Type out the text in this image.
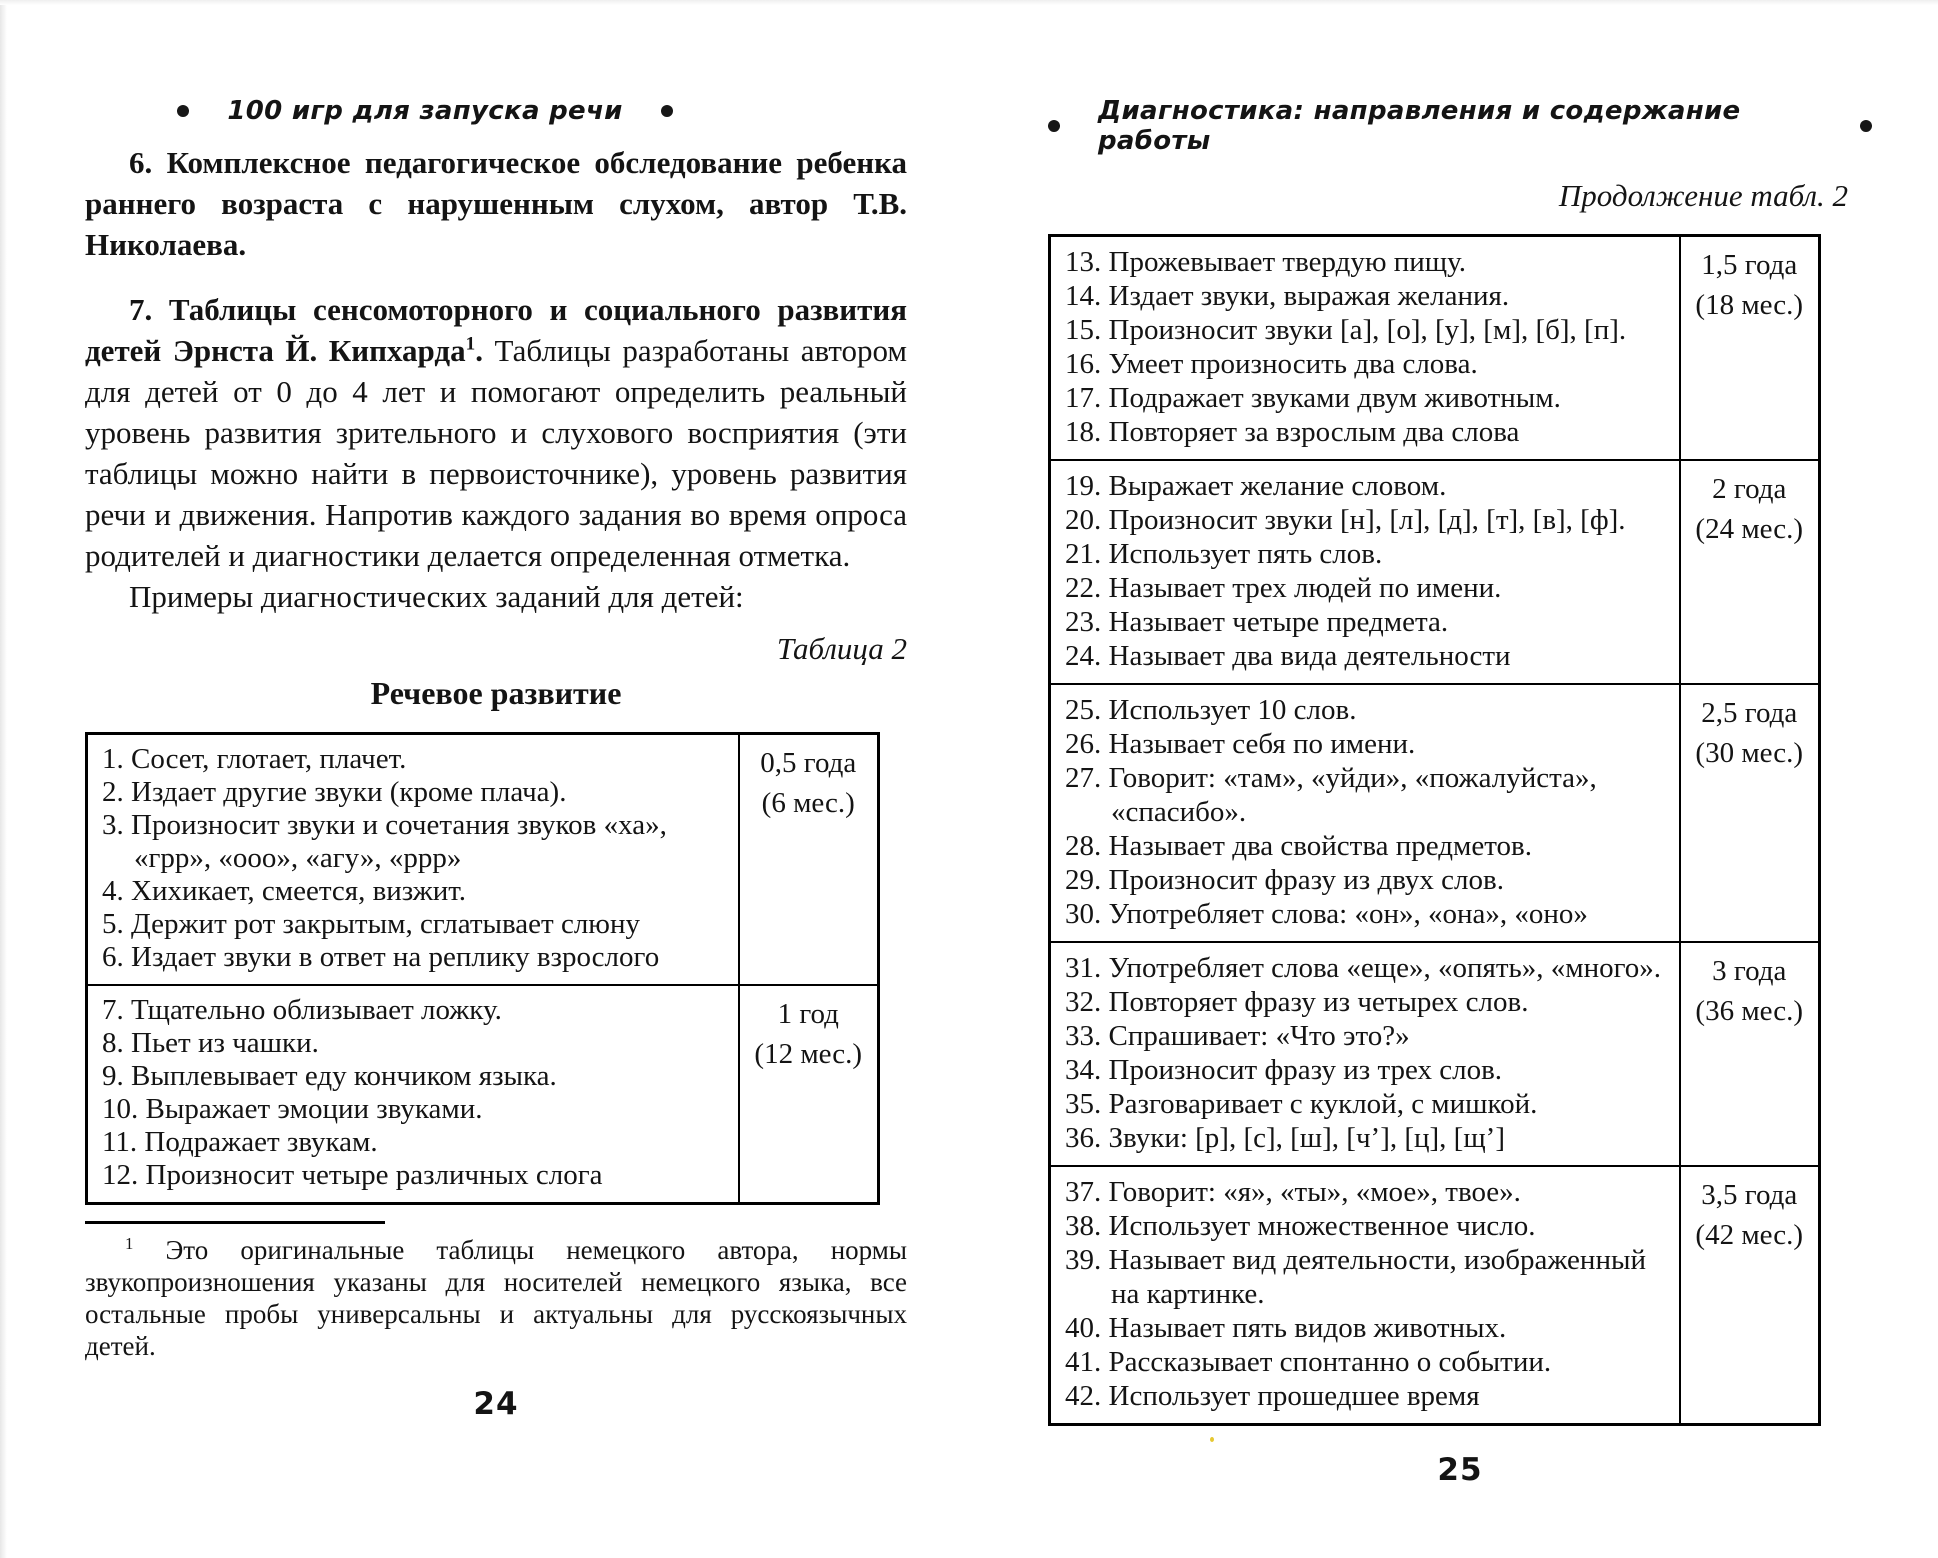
100 игр для запуска речи

6. Комплексное педагогическое обследование ребенка раннего возраста с нарушенным слухом, автор Т.В. Николаева.

7. Таблицы сенсомоторного и социального развития детей Эрнста Й. Кипхарда$^1$. Таблицы разработаны автором для детей от 0 до 4 лет и помогают определить реальный уровень развития зрительного и слухового восприятия (эти таблицы можно найти в первоисточнике), уровень развития речи и движения. Напротив каждого задания во время опроса родителей и диагностики делается определенная отметка.

Примеры диагностических заданий для детей:

Таблица 2
Речевое развитие
1. Сосет, глотает, плачет.
2. Издает другие звуки (кроме плача).
3. Произносит звуки и сочетания звуков «ха», «грр», «ооо», «агу», «ррр»
4. Хихикает, смеется, визжит.
5. Держит рот закрытым, сглатывает слюну
6. Издает звуки в ответ на реплику взрослого

0,5 года
(6 мес.)

7. Тщательно облизывает ложку.
8. Пьет из чашки.
9. Выплевывает еду кончиком языка.
10. Выражает эмоции звуками.
11. Подражает звукам.
12. Произносит четыре различных слога

1 год
(12 мес.)

$^1$ Это оригинальные таблицы немецкого автора, нормы звукопроизношения указаны для носителей немецкого языка, все остальные пробы универсальны и актуальны для русскоязычных детей.

24
Диагностика: направления и содержание работы
Продолжение табл. 2
13. Прожевывает твердую пищу.
14. Издает звуки, выражая желания.
15. Произносит звуки [а], [о], [у], [м], [б], [п].
16. Умеет произносить два слова.
17. Подражает звуками двум животным.
18. Повторяет за взрослым два слова

1,5 года
(18 мес.)

19. Выражает желание словом.
20. Произносит звуки [н], [л], [д], [т], [в], [ф].
21. Использует пять слов.
22. Называет трех людей по имени.
23. Называет четыре предмета.
24. Называет два вида деятельности

2 года
(24 мес.)

25. Использует 10 слов.
26. Называет себя по имени.
27. Говорит: «там», «уйди», «пожалуйста», «спасибо».
28. Называет два свойства предметов.
29. Произносит фразу из двух слов.
30. Употребляет слова: «он», «она», «оно»

2,5 года
(30 мес.)

31. Употребляет слова «еще», «опять», «много».
32. Повторяет фразу из четырех слов.
33. Спрашивает: «Что это?»
34. Произносит фразу из трех слов.
35. Разговаривает с куклой, с мишкой.
36. Звуки: [р], [с], [ш], [ч’], [ц], [щ’]

3 года
(36 мес.)

37. Говорит: «я», «ты», «мое», твое».
38. Использует множественное число.
39. Называет вид деятельности, изображенный на картинке.
40. Называет пять видов животных.
41. Рассказывает спонтанно о событии.
42. Использует прошедшее время

3,5 года
(42 мес.)
25
